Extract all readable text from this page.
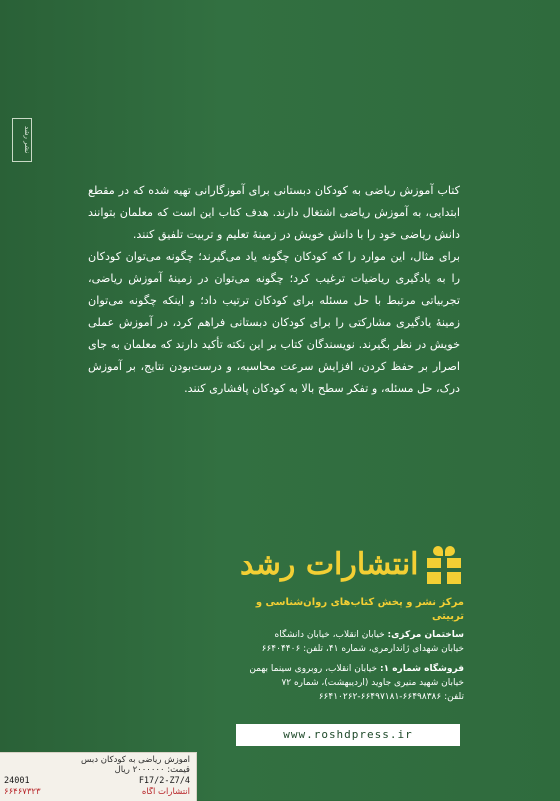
نشر رشد

کتاب آموزش ریاضی به کودکان دبستانی برای آموزگارانی تهیه شده که در مقطع ابتدایی، به آموزش ریاضی اشتغال دارند. هدف کتاب این است که معلمان بتوانند دانش ریاضی خود را با دانش خویش در زمینهٔ تعلیم و تربیت تلفیق کنند.

برای مثال، این موارد را که کودکان چگونه یاد می‌گیرند؛ چگونه می‌توان کودکان را به یادگیری ریاضیات ترغیب کرد؛ چگونه می‌توان در زمینهٔ آموزش ریاضی، تجربیاتی مرتبط با حل مسئله برای کودکان ترتیب داد؛ و اینکه چگونه می‌توان زمینهٔ یادگیری مشارکتی را برای کودکان دبستانی فراهم کرد، در آموزش عملی خویش در نظر بگیرند. نویسندگان کتاب بر این نکته تأکید دارند که معلمان به جای اصرار بر حفظ کردن، افزایش سرعت محاسبه، و درست‌بودن نتایج، بر آموزش درک، حل مسئله، و تفکر سطح بالا به کودکان پافشاری کنند.

انتشارات رشد
مرکز نشر و پخش کتاب‌های روان‌شناسی و تربیتی
ساختمان مرکزی: خیابان انقلاب، خیابان دانشگاه
خیابان شهدای ژاندارمری، شماره ۴۱، تلفن: ۶۶۴۰۴۴۰۶
فروشگاه شماره ۱: خیابان انقلاب، روبروی سینما بهمن
خیابان شهید منیری جاوید (اردیبهشت)، شماره ۷۲
تلفن: ۶۶۴۹۸۳۸۶-۶۶۴۹۷۱۸۱-۶۶۴۱۰۲۶۲
www.roshdpress.ir
آموزش ریاضی به کودکان دبس
قیمت: ۲۰۰۰۰۰۰ ریال
24001	F17/2-Z7/4
۶۶۴۶۷۳۲۳	انتشارات آگاه
